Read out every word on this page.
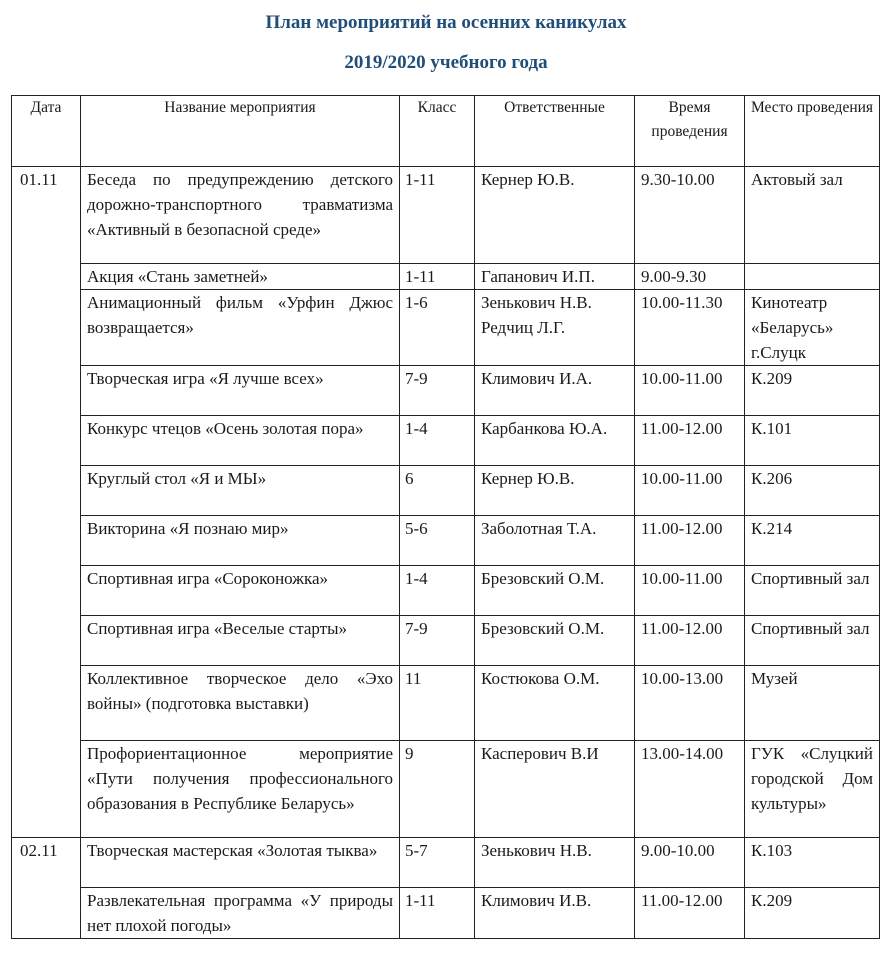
План мероприятий на осенних каникулах
2019/2020 учебного года
Дата	Название мероприятия	Класс	Ответственные	Время проведения	Место проведения
01.11	Беседа по предупреждению детского дорожно-транспортного травматизма «Активный в безопасной среде»	1-11	Кернер Ю.В.	9.30-10.00	Актовый зал
	Акция «Стань заметней»	1-11	Гапанович И.П.	9.00-9.30	
	Анимационный фильм «Урфин Джюс возвращается»	1-6	Зенькович Н.В. Редчиц Л.Г.	10.00-11.30	Кинотеатр «Беларусь» г.Слуцк
	Творческая игра «Я лучше всех»	7-9	Климович И.А.	10.00-11.00	К.209
	Конкурс чтецов «Осень золотая пора»	1-4	Карбанкова Ю.А.	11.00-12.00	К.101
	Круглый стол «Я и МЫ»	6	Кернер Ю.В.	10.00-11.00	К.206
	Викторина «Я познаю мир»	5-6	Заболотная Т.А.	11.00-12.00	К.214
	Спортивная игра «Сороконожка»	1-4	Брезовский О.М.	10.00-11.00	Спортивный зал
	Спортивная игра «Веселые старты»	7-9	Брезовский О.М.	11.00-12.00	Спортивный зал
	Коллективное творческое дело «Эхо войны» (подготовка выставки)	11	Костюкова О.М.	10.00-13.00	Музей
	Профориентационное мероприятие «Пути получения профессионального образования в Республике Беларусь»	9	Касперович В.И	13.00-14.00	ГУК «Слуцкий городской Дом культуры»
02.11	Творческая мастерская «Золотая тыква»	5-7	Зенькович Н.В.	9.00-10.00	К.103
	Развлекательная программа «У природы нет плохой погоды»	1-11	Климович И.В.	11.00-12.00	К.209
